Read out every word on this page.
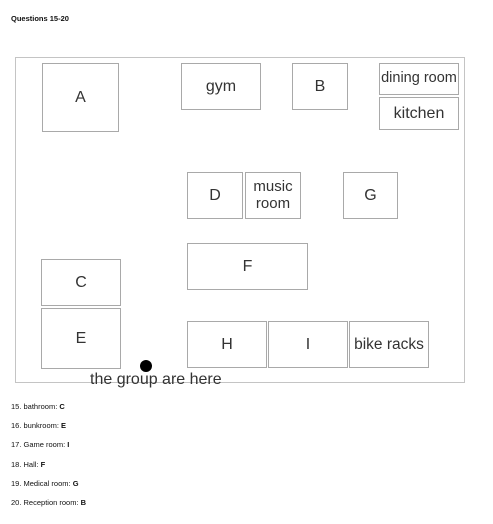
Questions 15-20
A
gym	B	dining room
kitchen
D
music
room	G
F
C
E	H	I	bike racks
the group are here
15. bathroom: C
16. bunkroom: E
17. Game room: I
18. Hall: F
19. Medical room: G
20. Reception room: B
